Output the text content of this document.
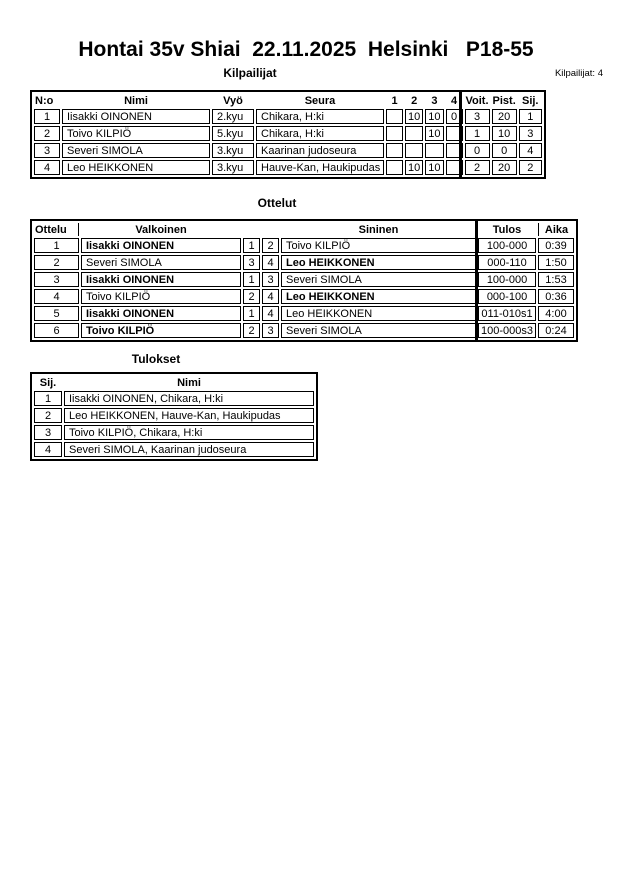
Hontai 35v Shiai  22.11.2025  Helsinki   P18-55
Kilpailijat	Kilpailijat: 4
N:o	Nimi	Vyö	Seura	1	2	3	4	Voit.	Pist.	Sij.
1	Iisakki OINONEN	2.kyu	Chikara, H:ki		10	10	0	3	20	1
2	Toivo KILPIÖ	5.kyu	Chikara, H:ki			10		1	10	3
3	Severi SIMOLA	3.kyu	Kaarinan judoseura					0	0	4
4	Leo HEIKKONEN	3.kyu	Hauve-Kan, Haukipudas		10	10		2	20	2
Ottelut
Ottelu	Valkoinen			Sininen	Tulos	Aika
1	Iisakki OINONEN	1	2	Toivo KILPIÖ	100-000	0:39
2	Severi SIMOLA	3	4	Leo HEIKKONEN	000-110	1:50
3	Iisakki OINONEN	1	3	Severi SIMOLA	100-000	1:53
4	Toivo KILPIÖ	2	4	Leo HEIKKONEN	000-100	0:36
5	Iisakki OINONEN	1	4	Leo HEIKKONEN	011-010s1	4:00
6	Toivo KILPIÖ	2	3	Severi SIMOLA	100-000s3	0:24
Tulokset
Sij.	Nimi
1	Iisakki OINONEN, Chikara, H:ki
2	Leo HEIKKONEN, Hauve-Kan, Haukipudas
3	Toivo KILPIÖ, Chikara, H:ki
4	Severi SIMOLA, Kaarinan judoseura
